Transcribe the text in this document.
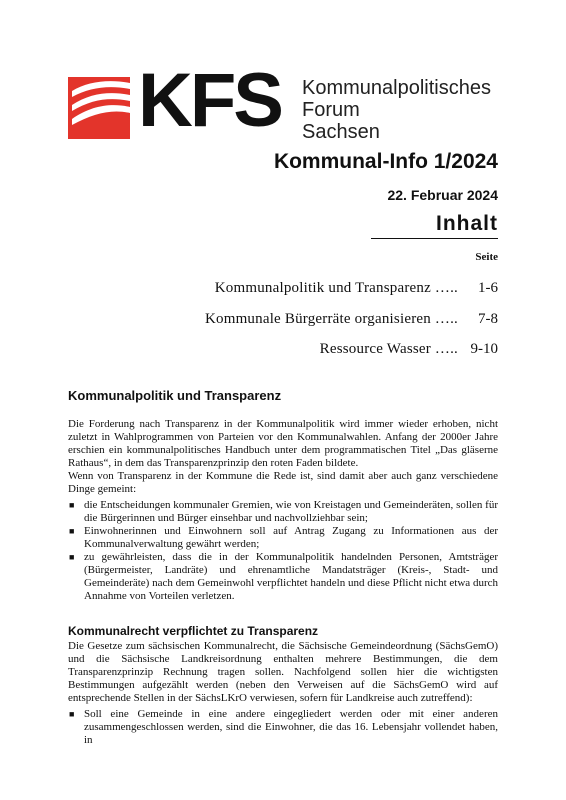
KFS Kommunalpolitisches
Forum
Sachsen
Kommunal-Info 1/2024
22. Februar 2024
Inhalt
Seite
Kommunalpolitik und Transparenz …..	1-6
Kommunale Bürgerräte organisieren …..	7-8
Ressource Wasser ….. 9-10
Kommunalpolitik und Transparenz
Die Forderung nach Transparenz in der Kommunalpolitik wird immer wieder erhoben, nicht zuletzt in Wahlprogrammen von Parteien vor den Kommunalwahlen. Anfang der 2000er Jahre erschien ein kommunalpolitisches Handbuch unter dem programmatischen Titel „Das gläserne Rathaus“, in dem das Transparenzprinzip den roten Faden bildete.
Wenn von Transparenz in der Kommune die Rede ist, sind damit aber auch ganz verschiedene Dinge gemeint:
■ die Entscheidungen kommunaler Gremien, wie von Kreistagen und Gemeinderäten, sollen für die Bürgerinnen und Bürger einsehbar und nachvollziehbar sein;
■ Einwohnerinnen und Einwohnern soll auf Antrag Zugang zu Informationen aus der Kommunalverwaltung gewährt werden;
■ zu gewährleisten, dass die in der Kommunalpolitik handelnden Personen, Amtsträger (Bürgermeister, Landräte) und ehrenamtliche Mandatsträger (Kreis-, Stadt- und Gemeinderäte) nach dem Gemeinwohl verpflichtet handeln und diese Pflicht nicht etwa durch Annahme von Vorteilen verletzen.
Kommunalrecht verpflichtet zu Transparenz
Die Gesetze zum sächsischen Kommunalrecht, die Sächsische Gemeindeordnung (SächsGemO) und die Sächsische Landkreisordnung enthalten mehrere Bestimmungen, die dem Transparenzprinzip Rechnung tragen sollen. Nachfolgend sollen hier die wichtigsten Bestimmungen aufgezählt werden (neben den Verweisen auf die SächsGemO wird auf entsprechende Stellen in der SächsLKrO verwiesen, sofern für Landkreise auch zutreffend):
■ Soll eine Gemeinde in eine andere eingegliedert werden oder mit einer anderen zusammengeschlossen werden, sind die Einwohner, die das 16. Lebensjahr vollendet haben, in
